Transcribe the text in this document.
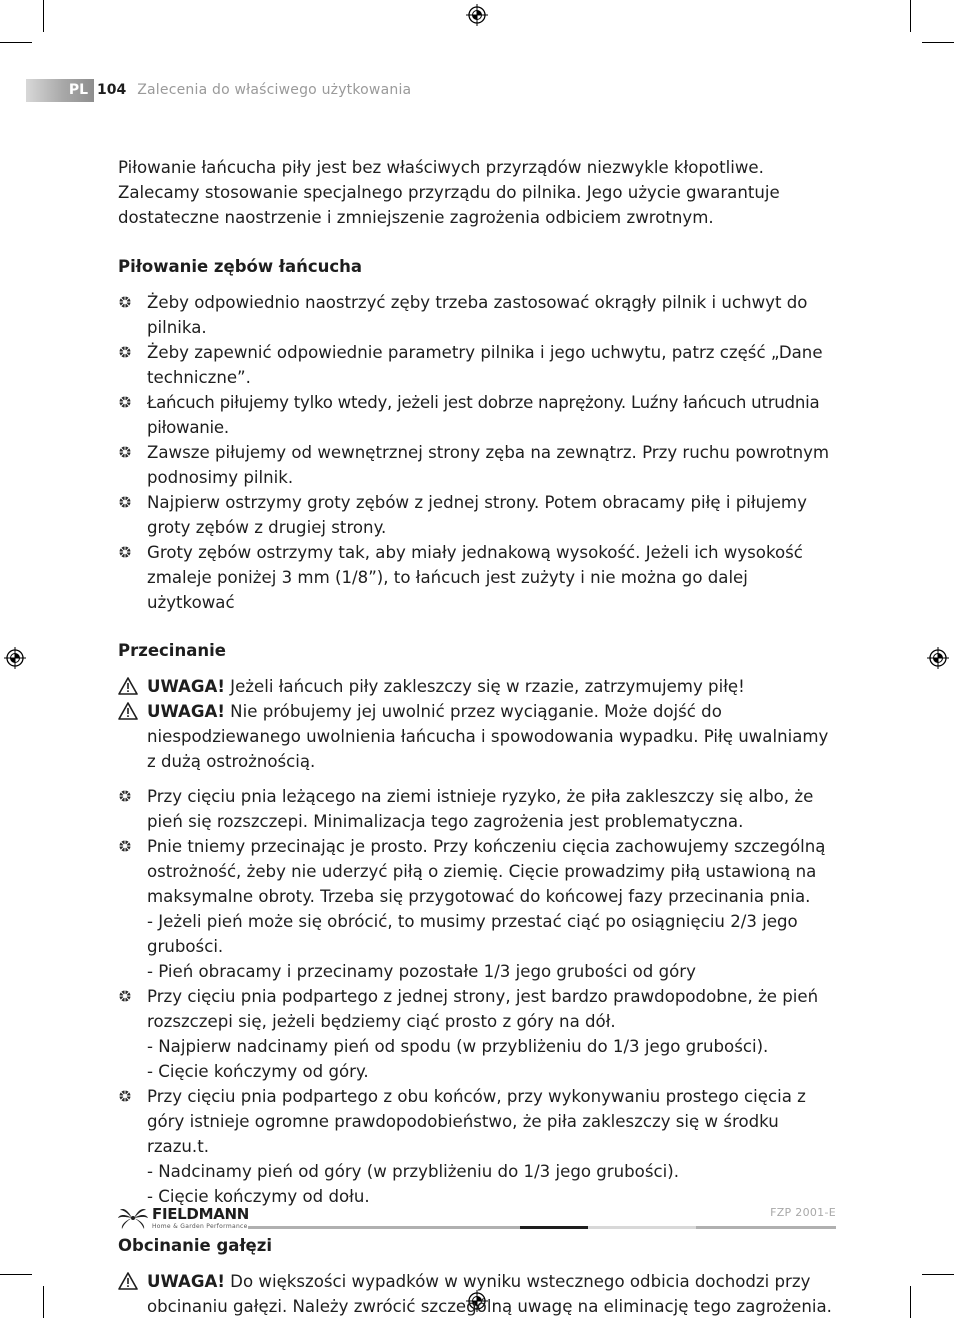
PL 104 Zalecenia do właściwego użytkowania

Piłowanie łańcucha piły jest bez właściwych przyrządów niezwykle kłopotliwe. Zalecamy stosowanie specjalnego przyrządu do pilnika. Jego użycie gwarantuje dostateczne naostrzenie i zmniejszenie zagrożenia odbiciem zwrotnym.

Piłowanie zębów łańcucha
Żeby odpowiednio naostrzyć zęby trzeba zastosować okrągły pilnik i uchwyt do pilnika.
Żeby zapewnić odpowiednie parametry pilnika i jego uchwytu, patrz część „Dane techniczne”.
Łańcuch piłujemy tylko wtedy, jeżeli jest dobrze naprężony. Luźny łańcuch utrudnia piłowanie.
Zawsze piłujemy od wewnętrznej strony zęba na zewnątrz. Przy ruchu powrotnym podnosimy pilnik.
Najpierw ostrzymy groty zębów z jednej strony. Potem obracamy piłę i piłujemy groty zębów z drugiej strony.
Groty zębów ostrzymy tak, aby miały jednakową wysokość. Jeżeli ich wysokość zmaleje poniżej 3 mm (1/8”), to łańcuch jest zużyty i nie można go dalej użytkować
Przecinanie
UWAGA! Jeżeli łańcuch piły zakleszczy się w rzazie, zatrzymujemy piłę!
UWAGA! Nie próbujemy jej uwolnić przez wyciąganie. Może dojść do niespodziewanego uwolnienia łańcucha i spowodowania wypadku. Piłę uwalniamy z dużą ostrożnością.
Przy cięciu pnia leżącego na ziemi istnieje ryzyko, że piła zakleszczy się albo, że pień się rozszczepi. Minimalizacja tego zagrożenia jest problematyczna.
Pnie tniemy przecinając je prosto. Przy kończeniu cięcia zachowujemy szczególną ostrożność, żeby nie uderzyć piłą o ziemię. Cięcie prowadzimy piłą ustawioną na maksymalne obroty. Trzeba się przygotować do końcowej fazy przecinania pnia.
- Jeżeli pień może się obrócić, to musimy przestać ciąć po osiągnięciu 2/3 jego grubości.
- Pień obracamy i przecinamy pozostałe 1/3 jego grubości od góry
Przy cięciu pnia podpartego z jednej strony, jest bardzo prawdopodobne, że pień rozszczepi się, jeżeli będziemy ciąć prosto z góry na dół.
- Najpierw nadcinamy pień od spodu (w przybliżeniu do 1/3 jego grubości).
- Cięcie kończymy od góry.
Przy cięciu pnia podpartego z obu końców, przy wykonywaniu prostego cięcia z góry istnieje ogromne prawdopodobieństwo, że piła zakleszczy się w środku rzazu.t.
- Nadcinamy pień od góry (w przybliżeniu do 1/3 jego grubości).
- Cięcie kończymy od dołu.
Obcinanie gałęzi
UWAGA! Do większości wypadków w wyniku wstecznego odbicia dochodzi przy obcinaniu gałęzi. Należy zwrócić szczególną uwagę na eliminację tego zagrożenia.
FIELDMANN
Home & Garden Performance
FZP 2001-E
